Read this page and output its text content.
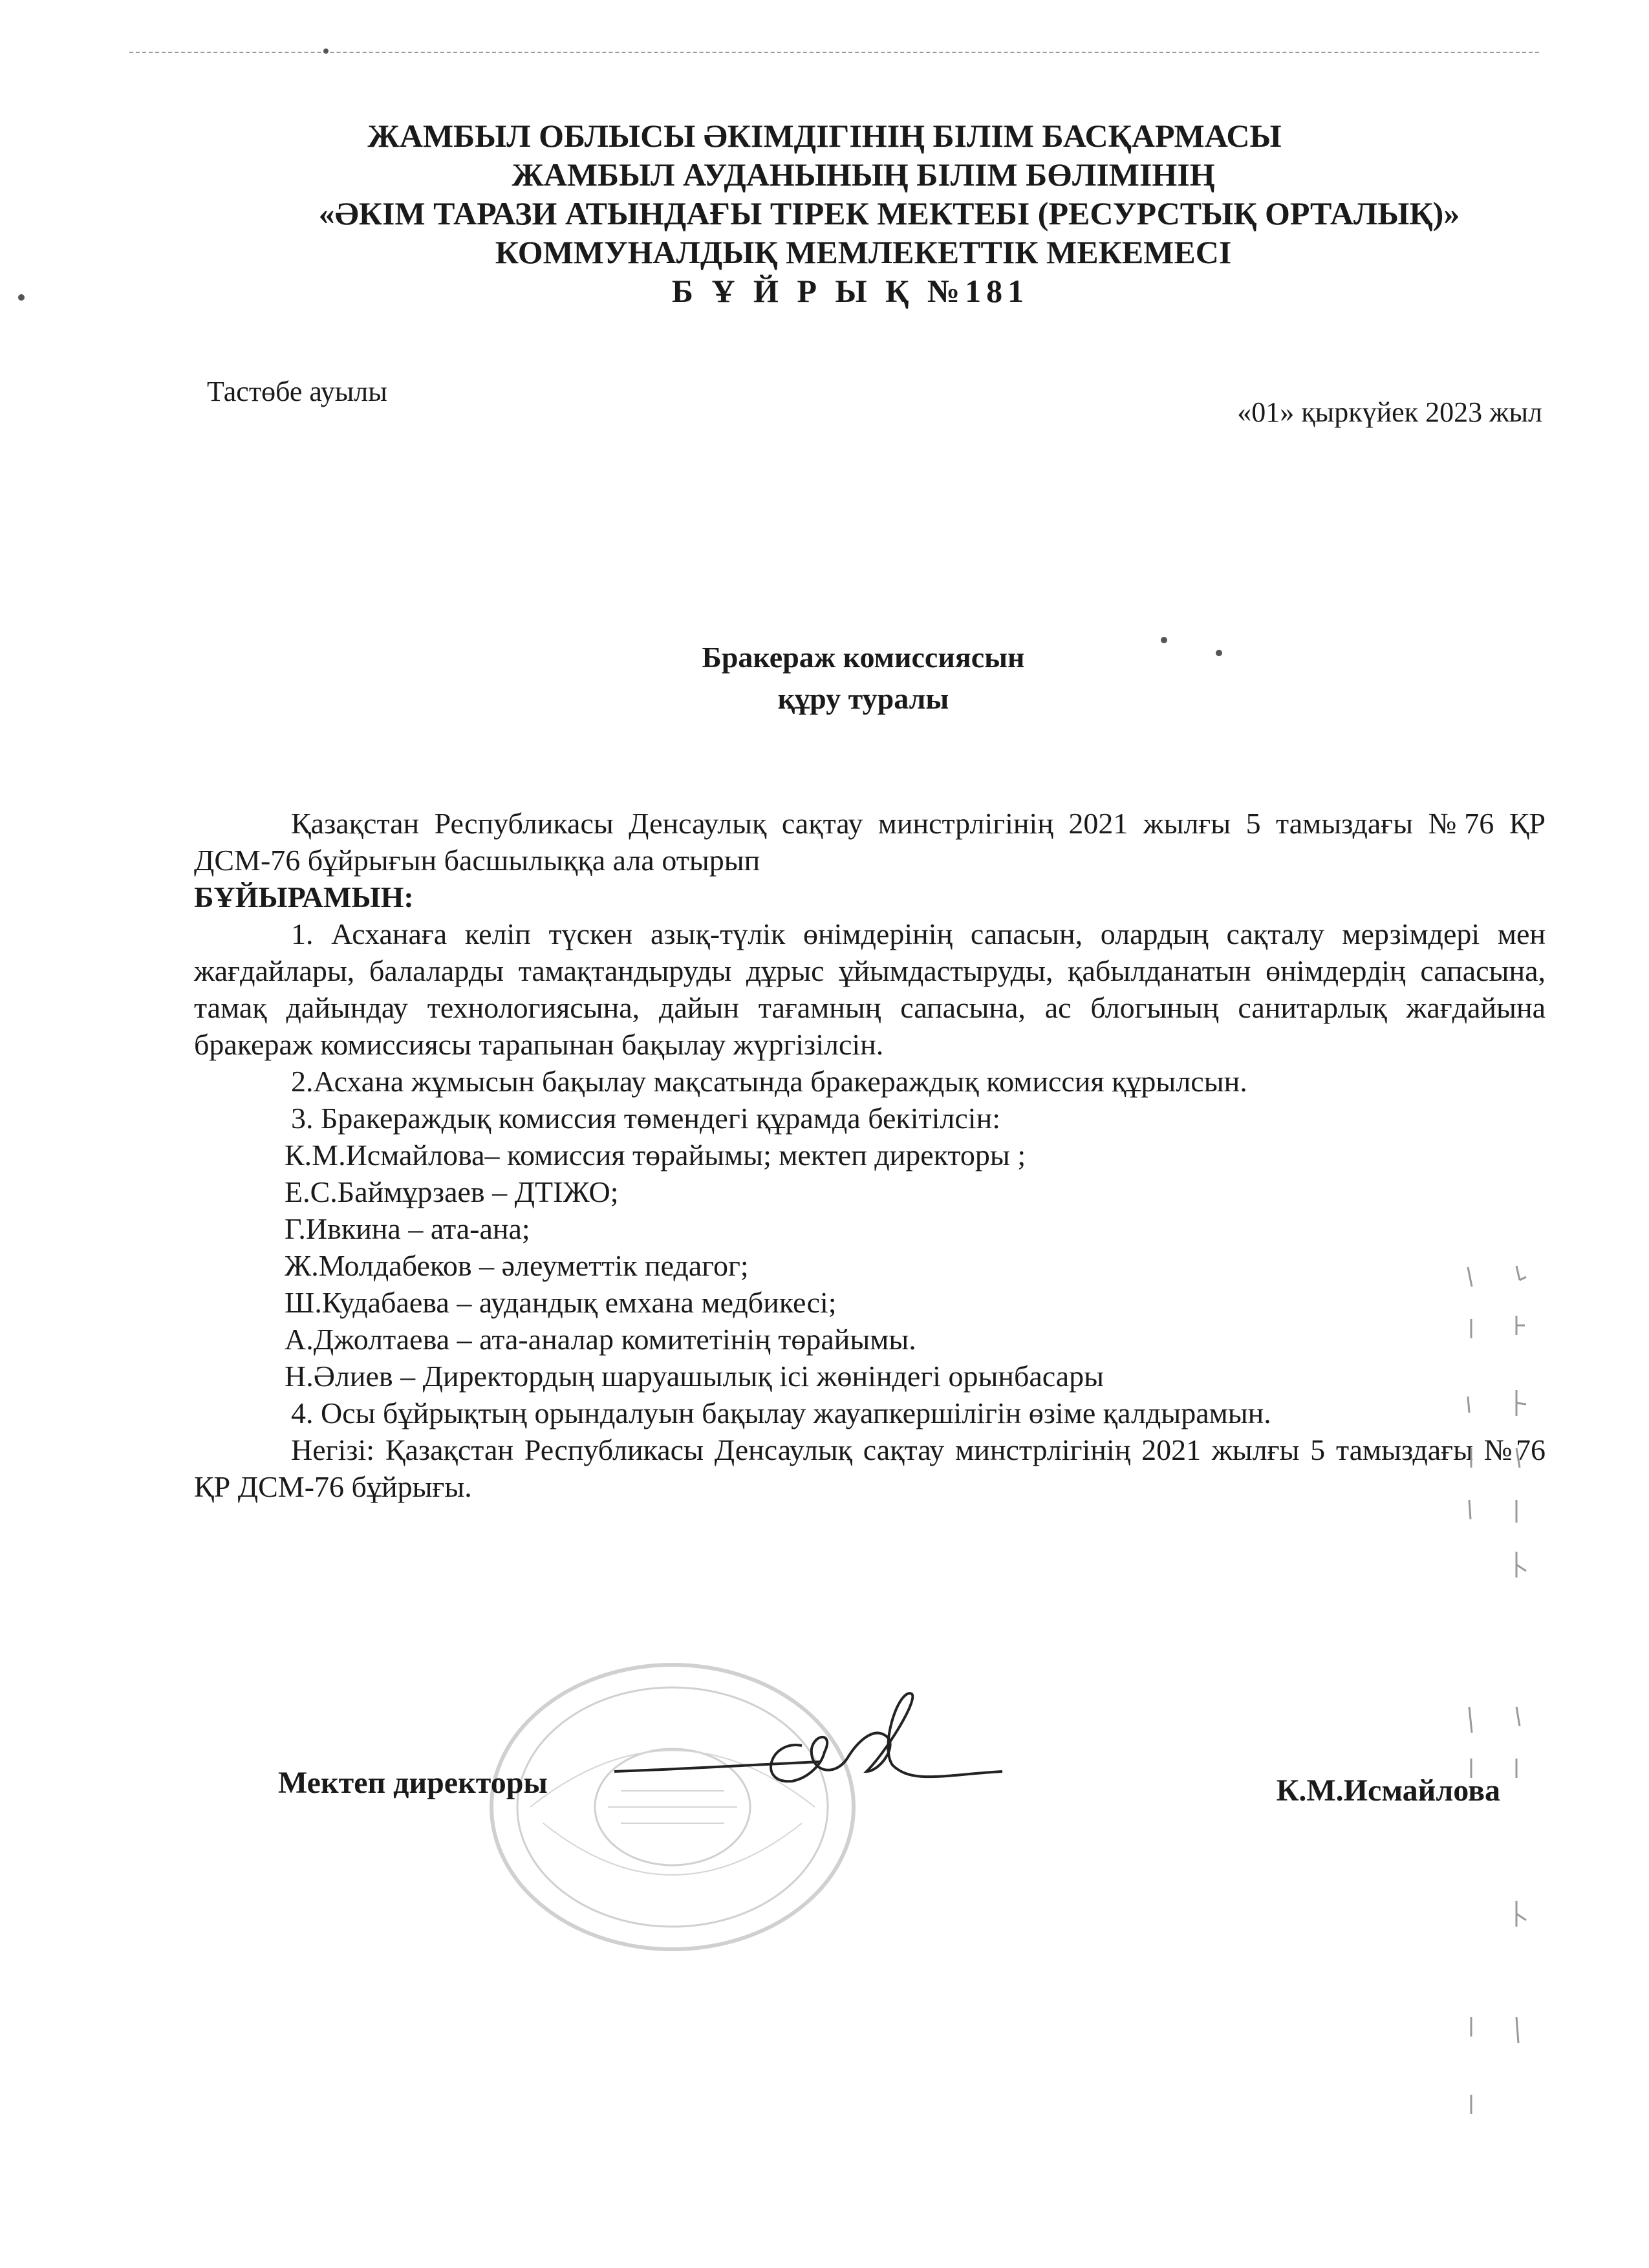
ЖАМБЫЛ ОБЛЫСЫ ӘКІМДІГІНІҢ БІЛІМ БАСҚАРМАСЫ
ЖАМБЫЛ АУДАНЫНЫҢ БІЛІМ БӨЛІМІНІҢ
«ӘКІМ ТАРАЗИ АТЫНДАҒЫ ТІРЕК МЕКТЕБІ (РЕСУРСТЫҚ ОРТАЛЫҚ)»
КОММУНАЛДЫҚ МЕМЛЕКЕТТІК МЕКЕМЕСІ
Б Ұ Й Р Ы Қ №181
Тастөбе ауылы
«01» қыркүйек 2023 жыл
Бракераж комиссиясын
құру туралы

Қазақстан Республикасы Денсаулық сақтау минстрлігінің 2021 жылғы 5 тамыздағы №76 ҚР ДСМ-76 бұйрығын басшылыққа ала отырып

БҰЙЫРАМЫН:

1. Асханаға келіп түскен азық-түлік өнімдерінің сапасын, олардың сақталу мерзімдері мен жағдайлары, балаларды тамақтандыруды дұрыс ұйымдастыруды, қабылданатын өнімдердің сапасына, тамақ дайындау технологиясына, дайын тағамның сапасына, ас блогының санитарлық жағдайына бракераж комиссиясы тарапынан бақылау жүргізілсін.

2.Асхана жұмысын бақылау мақсатында бракераждық комиссия құрылсын.

3. Бракераждық комиссия төмендегі құрамда бекітілсін:

К.М.Исмайлова– комиссия төрайымы; мектеп директоры ;

Е.С.Баймұрзаев – ДТІЖО;

Г.Ивкина – ата-ана;

Ж.Молдабеков – әлеуметтік педагог;

Ш.Кудабаева – аудандық емхана медбикесі;

А.Джолтаева – ата-аналар комитетінің төрайымы.

Н.Әлиев – Директордың шаруашылық ісі жөніндегі орынбасары

4. Осы бұйрықтың орындалуын бақылау жауапкершілігін өзіме қалдырамын.

Негізі: Қазақстан Республикасы Денсаулық сақтау минстрлігінің 2021 жылғы 5 тамыздағы №76 ҚР ДСМ-76 бұйрығы.

Мектеп директоры	К.М.Исмайлова
